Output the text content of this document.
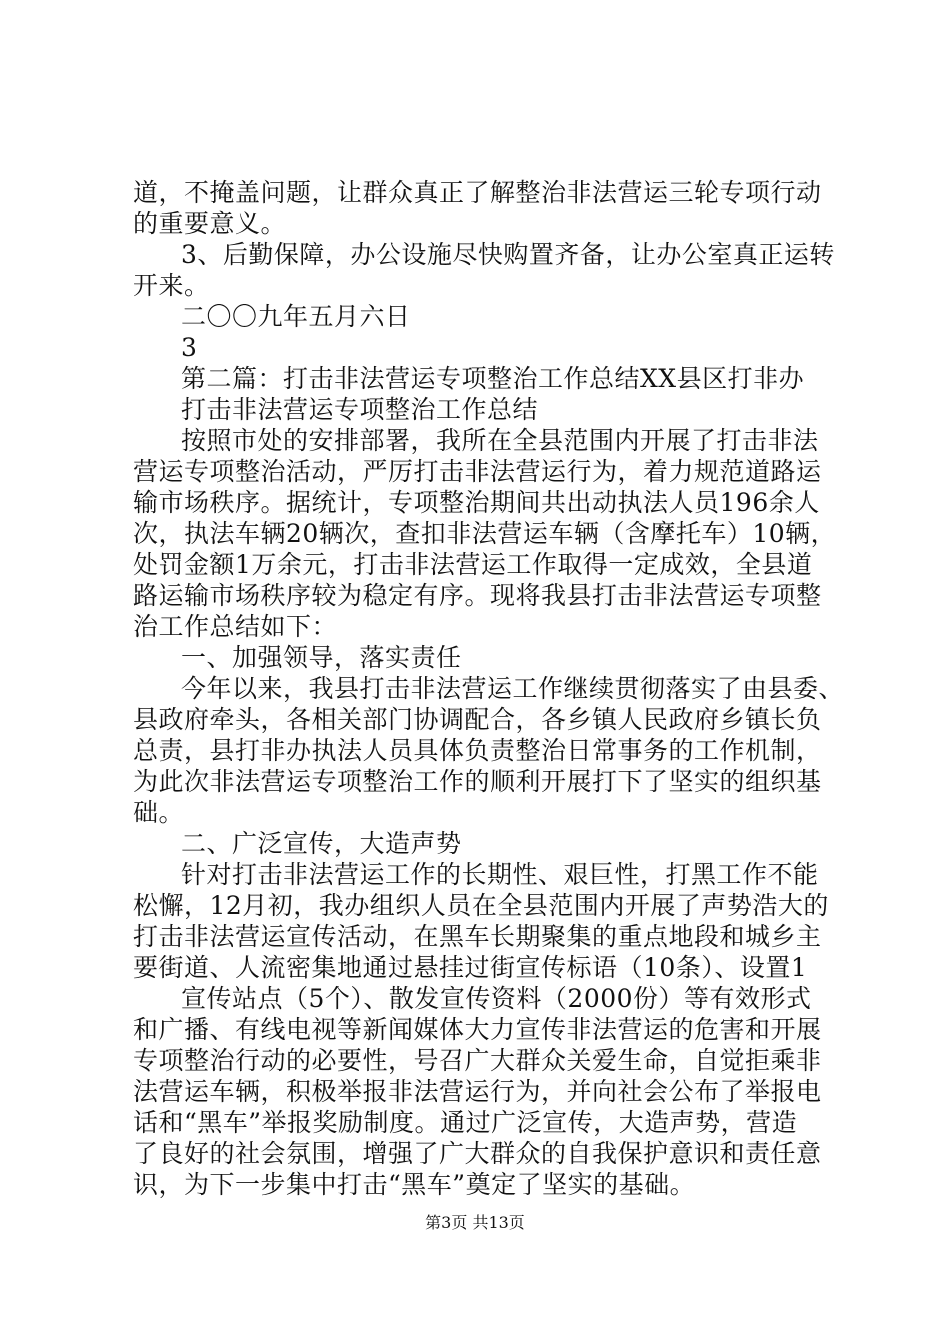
道，不掩盖问题，让群众真正了解整治非法营运三轮专项行动
的重要意义。
3、后勤保障，办公设施尽快购置齐备，让办公室真正运转
开来。
二〇〇九年五月六日
3
第二篇：打击非法营运专项整治工作总结XX县区打非办
打击非法营运专项整治工作总结
按照市处的安排部署，我所在全县范围内开展了打击非法
营运专项整治活动，严厉打击非法营运行为，着力规范道路运
输市场秩序。据统计，专项整治期间共出动执法人员196余人
次，执法车辆20辆次，查扣非法营运车辆（含摩托车）10辆，
处罚金额1万余元，打击非法营运工作取得一定成效，全县道
路运输市场秩序较为稳定有序。现将我县打击非法营运专项整
治工作总结如下：
一、加强领导，落实责任
今年以来，我县打击非法营运工作继续贯彻落实了由县委、
县政府牵头，各相关部门协调配合，各乡镇人民政府乡镇长负
总责，县打非办执法人员具体负责整治日常事务的工作机制，
为此次非法营运专项整治工作的顺利开展打下了坚实的组织基
础。
二、广泛宣传，大造声势
针对打击非法营运工作的长期性、艰巨性，打黑工作不能
松懈，12月初，我办组织人员在全县范围内开展了声势浩大的
打击非法营运宣传活动，在黑车长期聚集的重点地段和城乡主
要街道、人流密集地通过悬挂过街宣传标语（10条）、设置1
宣传站点（5个）、散发宣传资料（2000份）等有效形式
和广播、有线电视等新闻媒体大力宣传非法营运的危害和开展
专项整治行动的必要性，号召广大群众关爱生命，自觉拒乘非
法营运车辆，积极举报非法营运行为，并向社会公布了举报电
话和“黑车”举报奖励制度。通过广泛宣传，大造声势，营造
了良好的社会氛围，增强了广大群众的自我保护意识和责任意
识，为下一步集中打击“黑车”奠定了坚实的基础。
第3页 共13页
